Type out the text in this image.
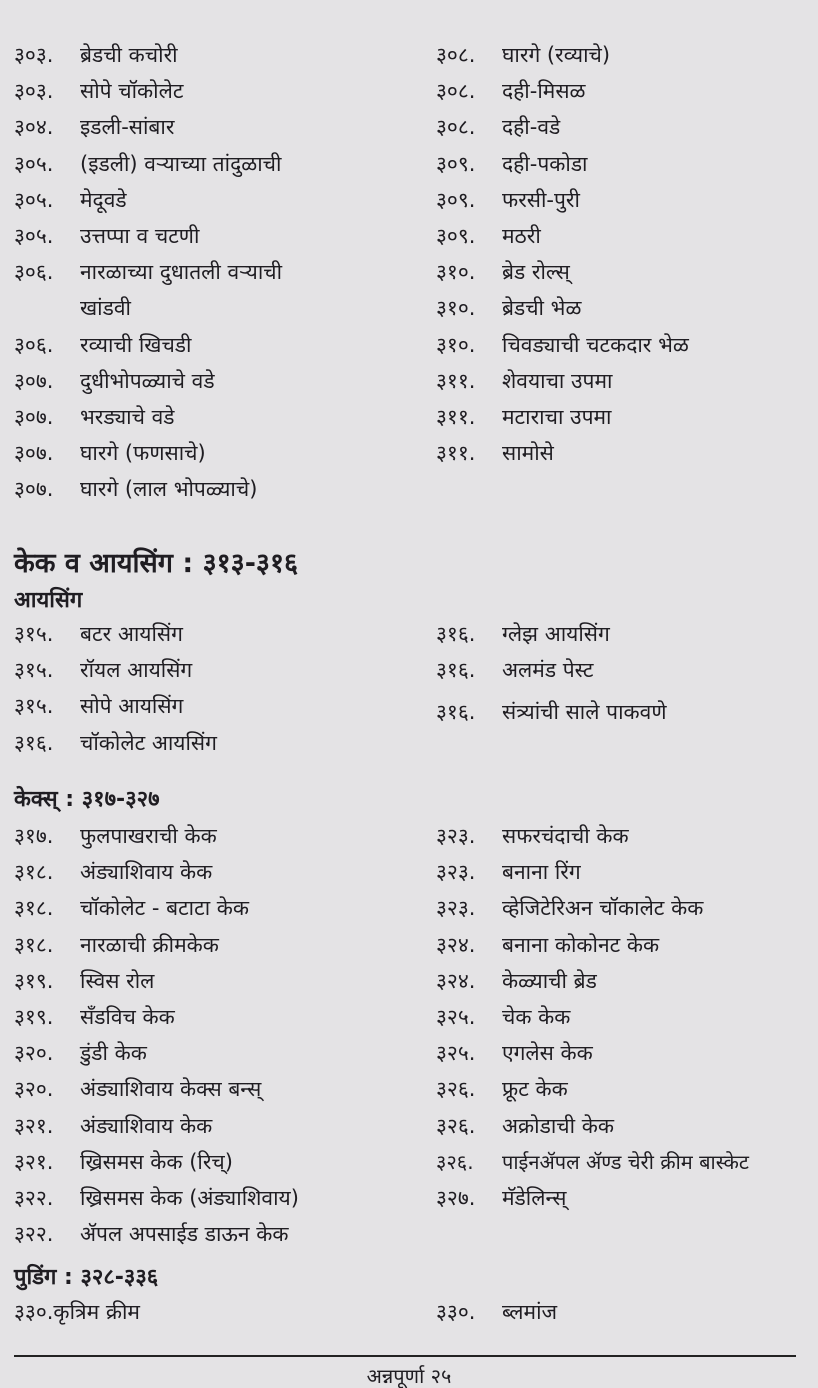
३०३.	ब्रेडची कचोरी
३०३.	सोपे चॉकोलेट
३०४.	इडली-सांबार
३०५.	(इडली) वऱ्याच्या तांदुळाची
३०५.	मेदूवडे
३०५.	उत्तप्पा व चटणी
३०६.	नारळाच्या दुधातली वऱ्याची
खांडवी
३०६.	रव्याची खिचडी
३०७.	दुधीभोपळ्याचे वडे
३०७.	भरड्याचे वडे
३०७.	घारगे (फणसाचे)
३०७.	घारगे (लाल भोपळ्याचे)
३०८.	घारगे (रव्याचे)
३०८.	दही-मिसळ
३०८.	दही-वडे
३०९.	दही-पकोडा
३०९.	फरसी-पुरी
३०९.	मठरी
३१०.	ब्रेड रोल्स्
३१०.	ब्रेडची भेळ
३१०.	चिवड्याची चटकदार भेळ
३११.	शेवयाचा उपमा
३११.	मटाराचा उपमा
३११.	सामोसे
केक व आयसिंग : ३१३-३१६
आयसिंग
३१५.	बटर आयसिंग
३१५.	रॉयल आयसिंग
३१५.	सोपे आयसिंग
३१६.	चॉकोलेट आयसिंग
३१६.	ग्लेझ आयसिंग
३१६.	अलमंड पेस्ट
३१६.	संत्र्यांची साले पाकवणे
केक्स् : ३१७-३२७
३१७.	फुलपाखराची केक
३१८.	अंड्याशिवाय केक
३१८.	चॉकोलेट - बटाटा केक
३१८.	नारळाची क्रीमकेक
३१९.	स्विस रोल
३१९.	सँडविच केक
३२०.	डुंडी केक
३२०.	अंड्याशिवाय केक्स बन्स्
३२१.	अंड्याशिवाय केक
३२१.	ख्रिसमस केक (रिच्)
३२२.	ख्रिसमस केक (अंड्याशिवाय)
३२२.	ॲपल अपसाईड डाऊन केक
३२३.	सफरचंदाची केक
३२३.	बनाना रिंग
३२३.	व्हेजिटेरिअन चॉकालेट केक
३२४.	बनाना कोकोनट केक
३२४.	केळ्याची ब्रेड
३२५.	चेक केक
३२५.	एगलेस केक
३२६.	फ्रूट केक
३२६.	अक्रोडाची केक
३२६.	पाईनॲपल ॲण्ड चेरी क्रीम बास्केट
३२७.	मॅडेलिन्स्
पुडिंग : ३२८-३३६
३३०.कृत्रिम क्रीम	३३०.	ब्लमांज
अन्नपूर्णा २५
